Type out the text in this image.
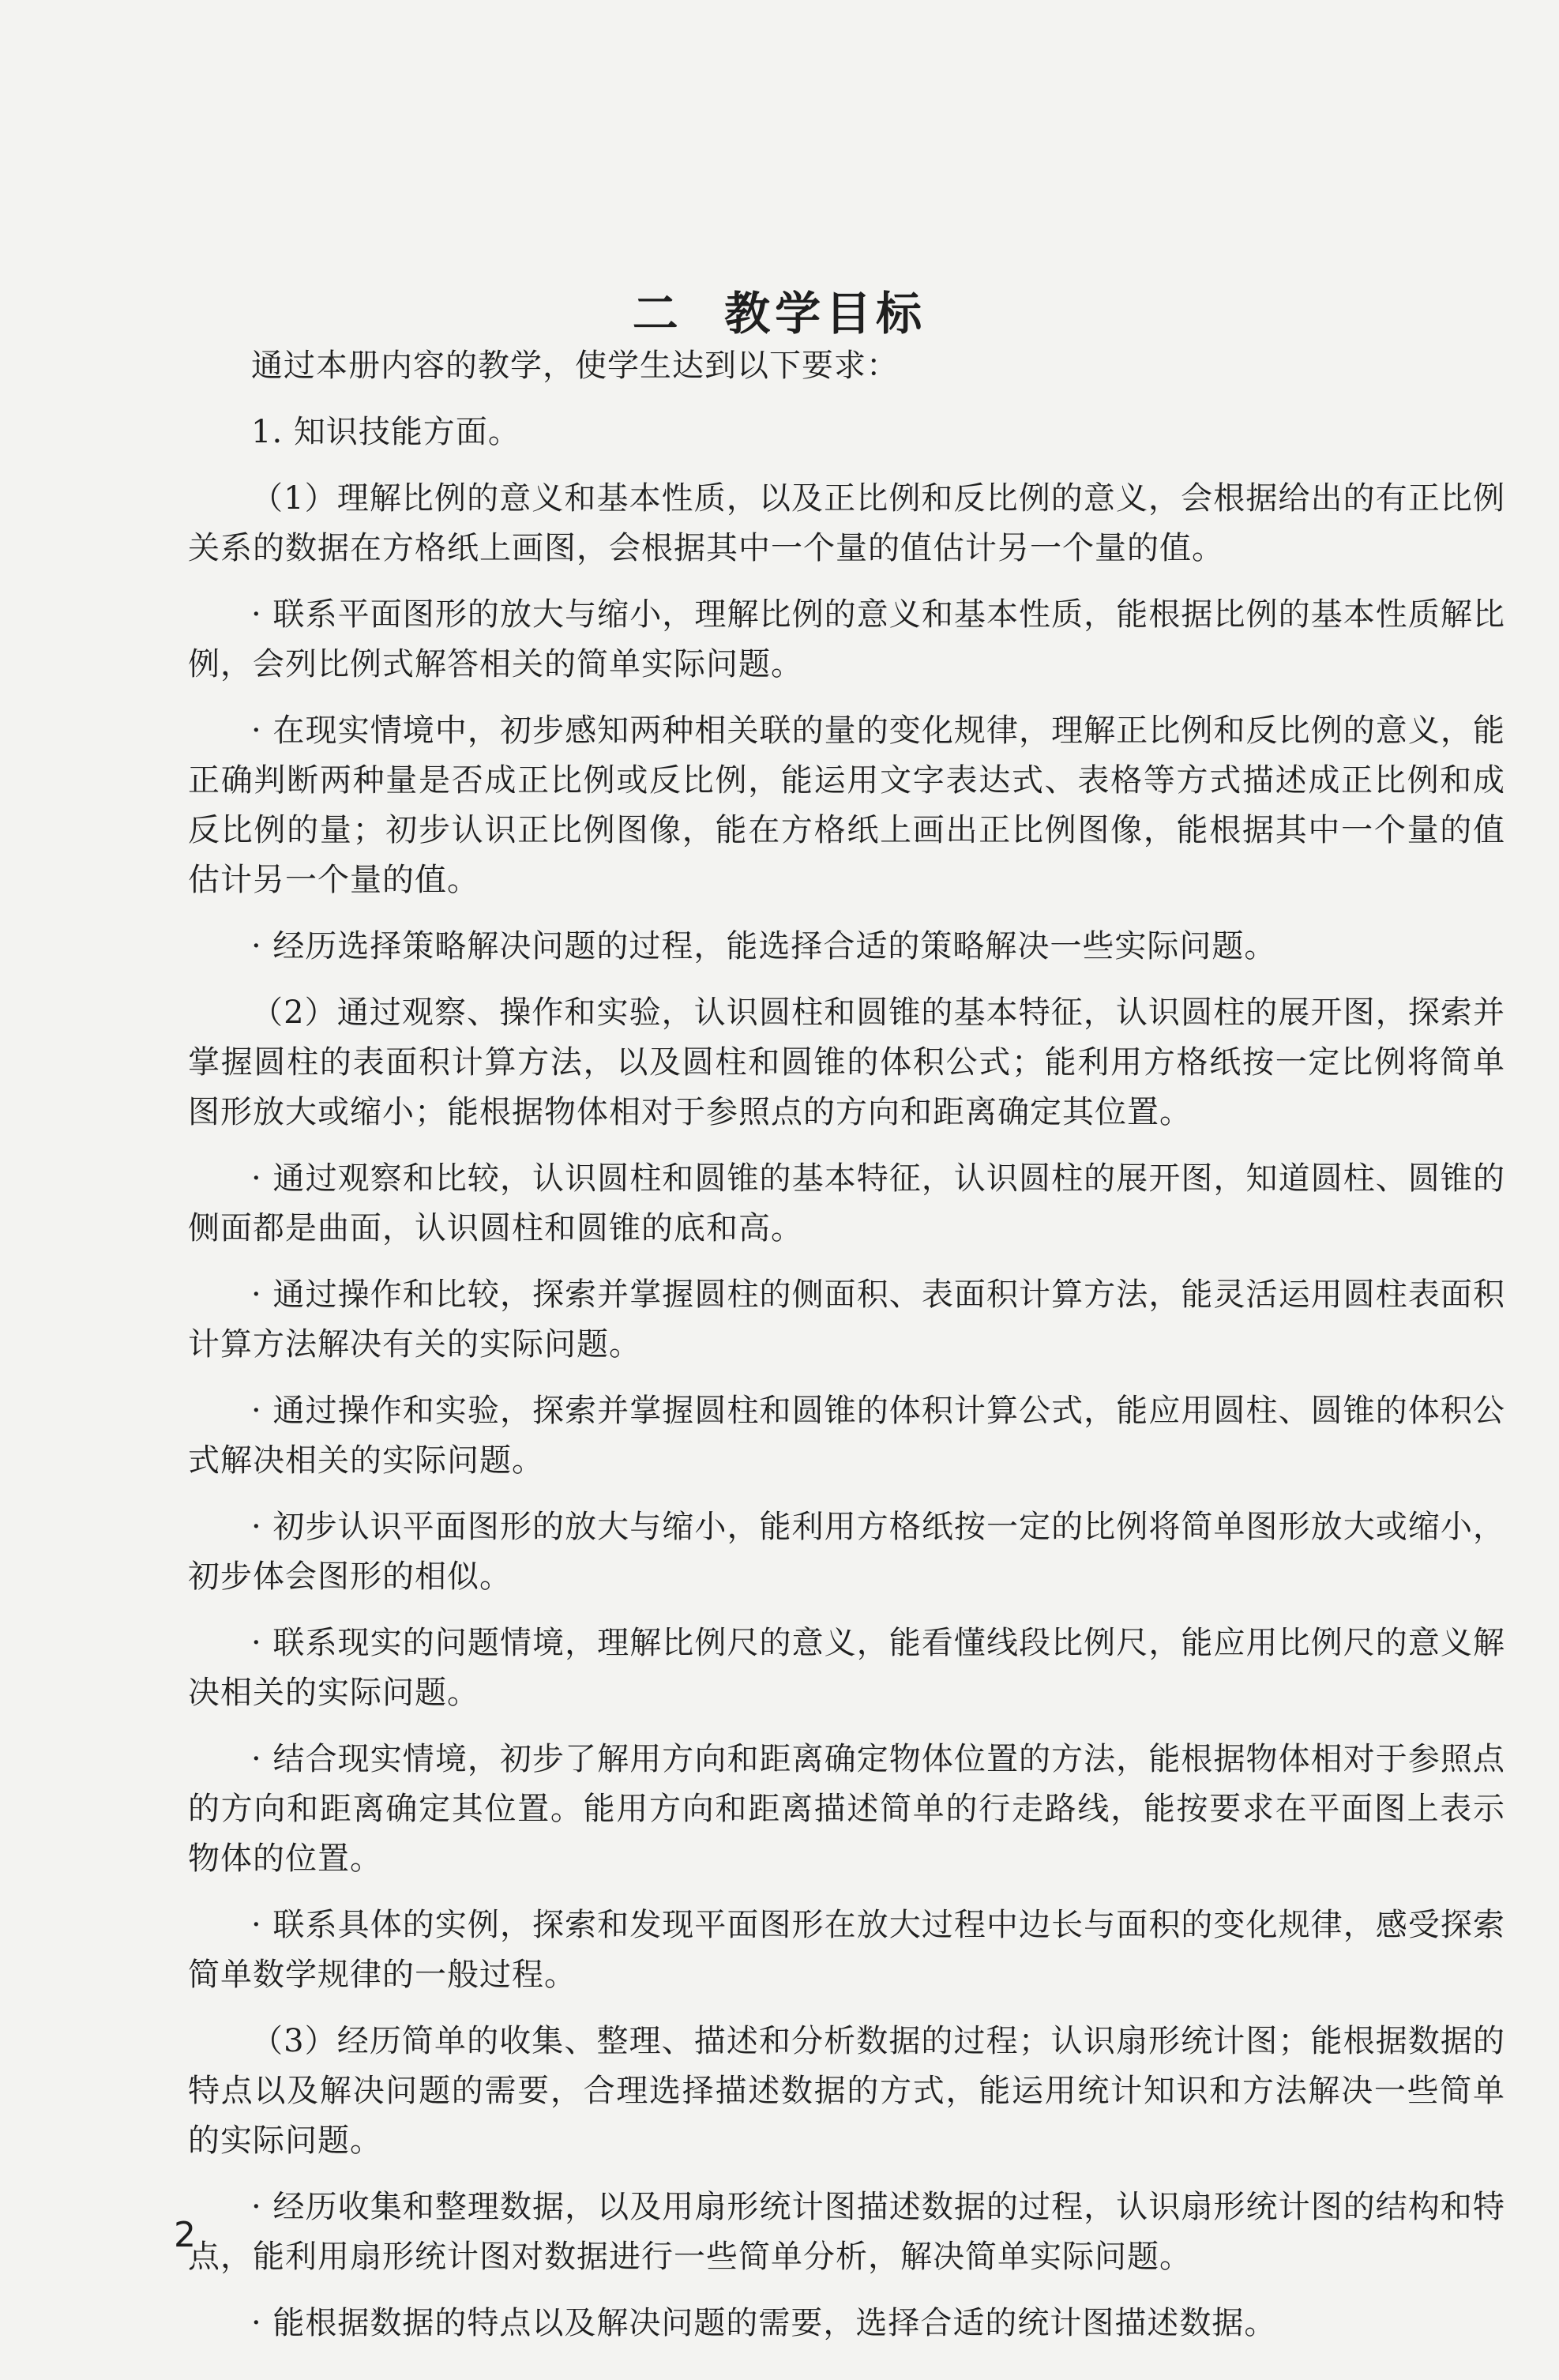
二  教学目标

通过本册内容的教学，使学生达到以下要求：

1. 知识技能方面。

（1）理解比例的意义和基本性质，以及正比例和反比例的意义，会根据给出的有正比例关系的数据在方格纸上画图，会根据其中一个量的值估计另一个量的值。

· 联系平面图形的放大与缩小，理解比例的意义和基本性质，能根据比例的基本性质解比例，会列比例式解答相关的简单实际问题。

· 在现实情境中，初步感知两种相关联的量的变化规律，理解正比例和反比例的意义，能正确判断两种量是否成正比例或反比例，能运用文字表达式、表格等方式描述成正比例和成反比例的量；初步认识正比例图像，能在方格纸上画出正比例图像，能根据其中一个量的值估计另一个量的值。

· 经历选择策略解决问题的过程，能选择合适的策略解决一些实际问题。

（2）通过观察、操作和实验，认识圆柱和圆锥的基本特征，认识圆柱的展开图，探索并掌握圆柱的表面积计算方法，以及圆柱和圆锥的体积公式；能利用方格纸按一定比例将简单图形放大或缩小；能根据物体相对于参照点的方向和距离确定其位置。

· 通过观察和比较，认识圆柱和圆锥的基本特征，认识圆柱的展开图，知道圆柱、圆锥的侧面都是曲面，认识圆柱和圆锥的底和高。

· 通过操作和比较，探索并掌握圆柱的侧面积、表面积计算方法，能灵活运用圆柱表面积计算方法解决有关的实际问题。

· 通过操作和实验，探索并掌握圆柱和圆锥的体积计算公式，能应用圆柱、圆锥的体积公式解决相关的实际问题。

· 初步认识平面图形的放大与缩小，能利用方格纸按一定的比例将简单图形放大或缩小，初步体会图形的相似。

· 联系现实的问题情境，理解比例尺的意义，能看懂线段比例尺，能应用比例尺的意义解决相关的实际问题。

· 结合现实情境，初步了解用方向和距离确定物体位置的方法，能根据物体相对于参照点的方向和距离确定其位置。能用方向和距离描述简单的行走路线，能按要求在平面图上表示物体的位置。

· 联系具体的实例，探索和发现平面图形在放大过程中边长与面积的变化规律，感受探索简单数学规律的一般过程。

（3）经历简单的收集、整理、描述和分析数据的过程；认识扇形统计图；能根据数据的特点以及解决问题的需要，合理选择描述数据的方式，能运用统计知识和方法解决一些简单的实际问题。

· 经历收集和整理数据，以及用扇形统计图描述数据的过程，认识扇形统计图的结构和特点，能利用扇形统计图对数据进行一些简单分析，解决简单实际问题。

· 能根据数据的特点以及解决问题的需要，选择合适的统计图描述数据。

2
